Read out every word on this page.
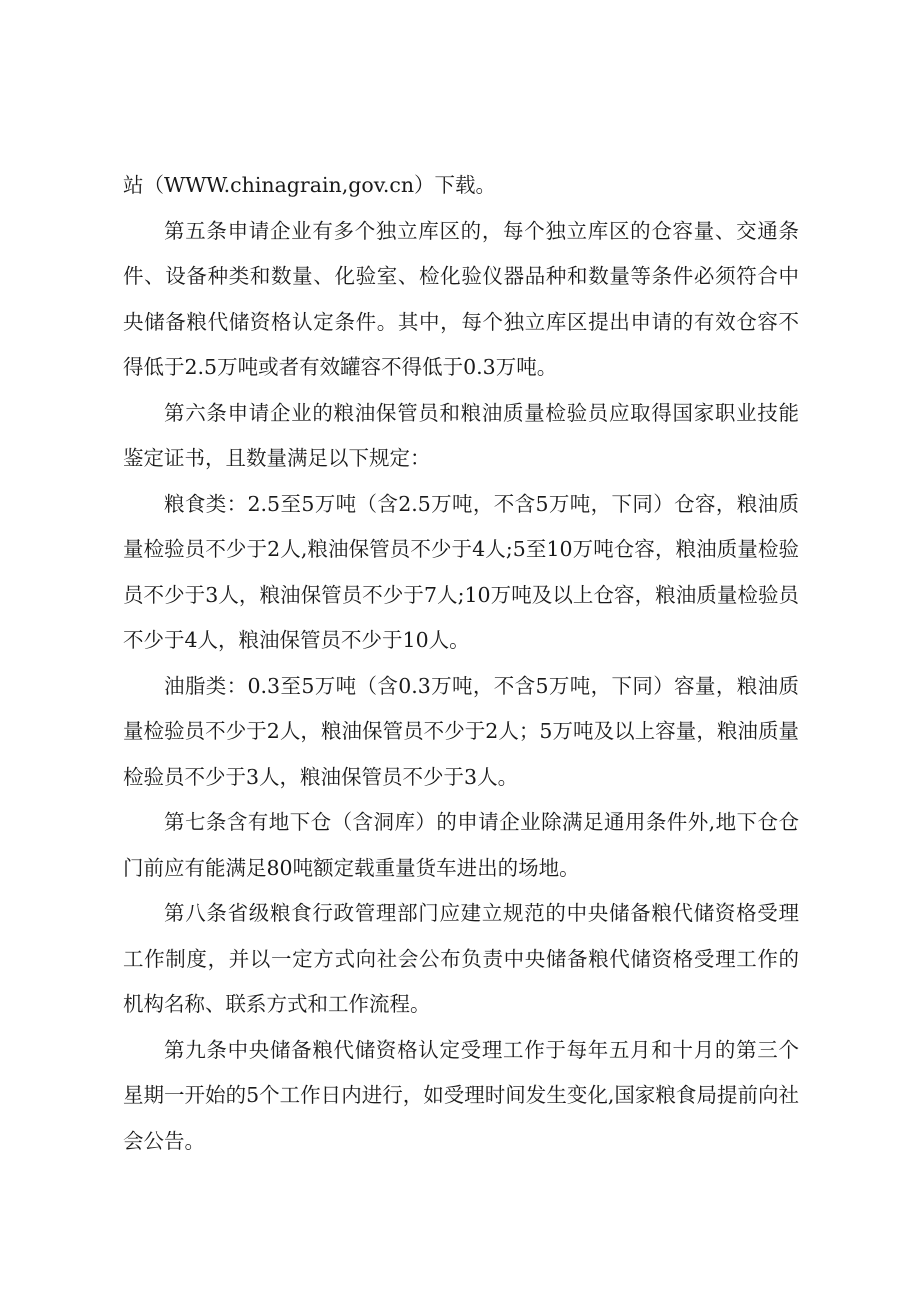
站（WWW.chinagrain,gov.cn）下载。

第五条申请企业有多个独立库区的，每个独立库区的仓容量、交通条件、设备种类和数量、化验室、检化验仪器品种和数量等条件必须符合中央储备粮代储资格认定条件。其中，每个独立库区提出申请的有效仓容不得低于2.5万吨或者有效罐容不得低于0.3万吨。

第六条申请企业的粮油保管员和粮油质量检验员应取得国家职业技能鉴定证书，且数量满足以下规定：

粮食类：2.5至5万吨（含2.5万吨，不含5万吨，下同）仓容，粮油质量检验员不少于2人,粮油保管员不少于4人;5至10万吨仓容，粮油质量检验员不少于3人，粮油保管员不少于7人;10万吨及以上仓容，粮油质量检验员不少于4人，粮油保管员不少于10人。

油脂类：0.3至5万吨（含0.3万吨，不含5万吨，下同）容量，粮油质量检验员不少于2人，粮油保管员不少于2人；5万吨及以上容量，粮油质量检验员不少于3人，粮油保管员不少于3人。

第七条含有地下仓（含洞库）的申请企业除满足通用条件外,地下仓仓门前应有能满足80吨额定载重量货车进出的场地。

第八条省级粮食行政管理部门应建立规范的中央储备粮代储资格受理工作制度，并以一定方式向社会公布负责中央储备粮代储资格受理工作的机构名称、联系方式和工作流程。

第九条中央储备粮代储资格认定受理工作于每年五月和十月的第三个星期一开始的5个工作日内进行，如受理时间发生变化,国家粮食局提前向社会公告。
